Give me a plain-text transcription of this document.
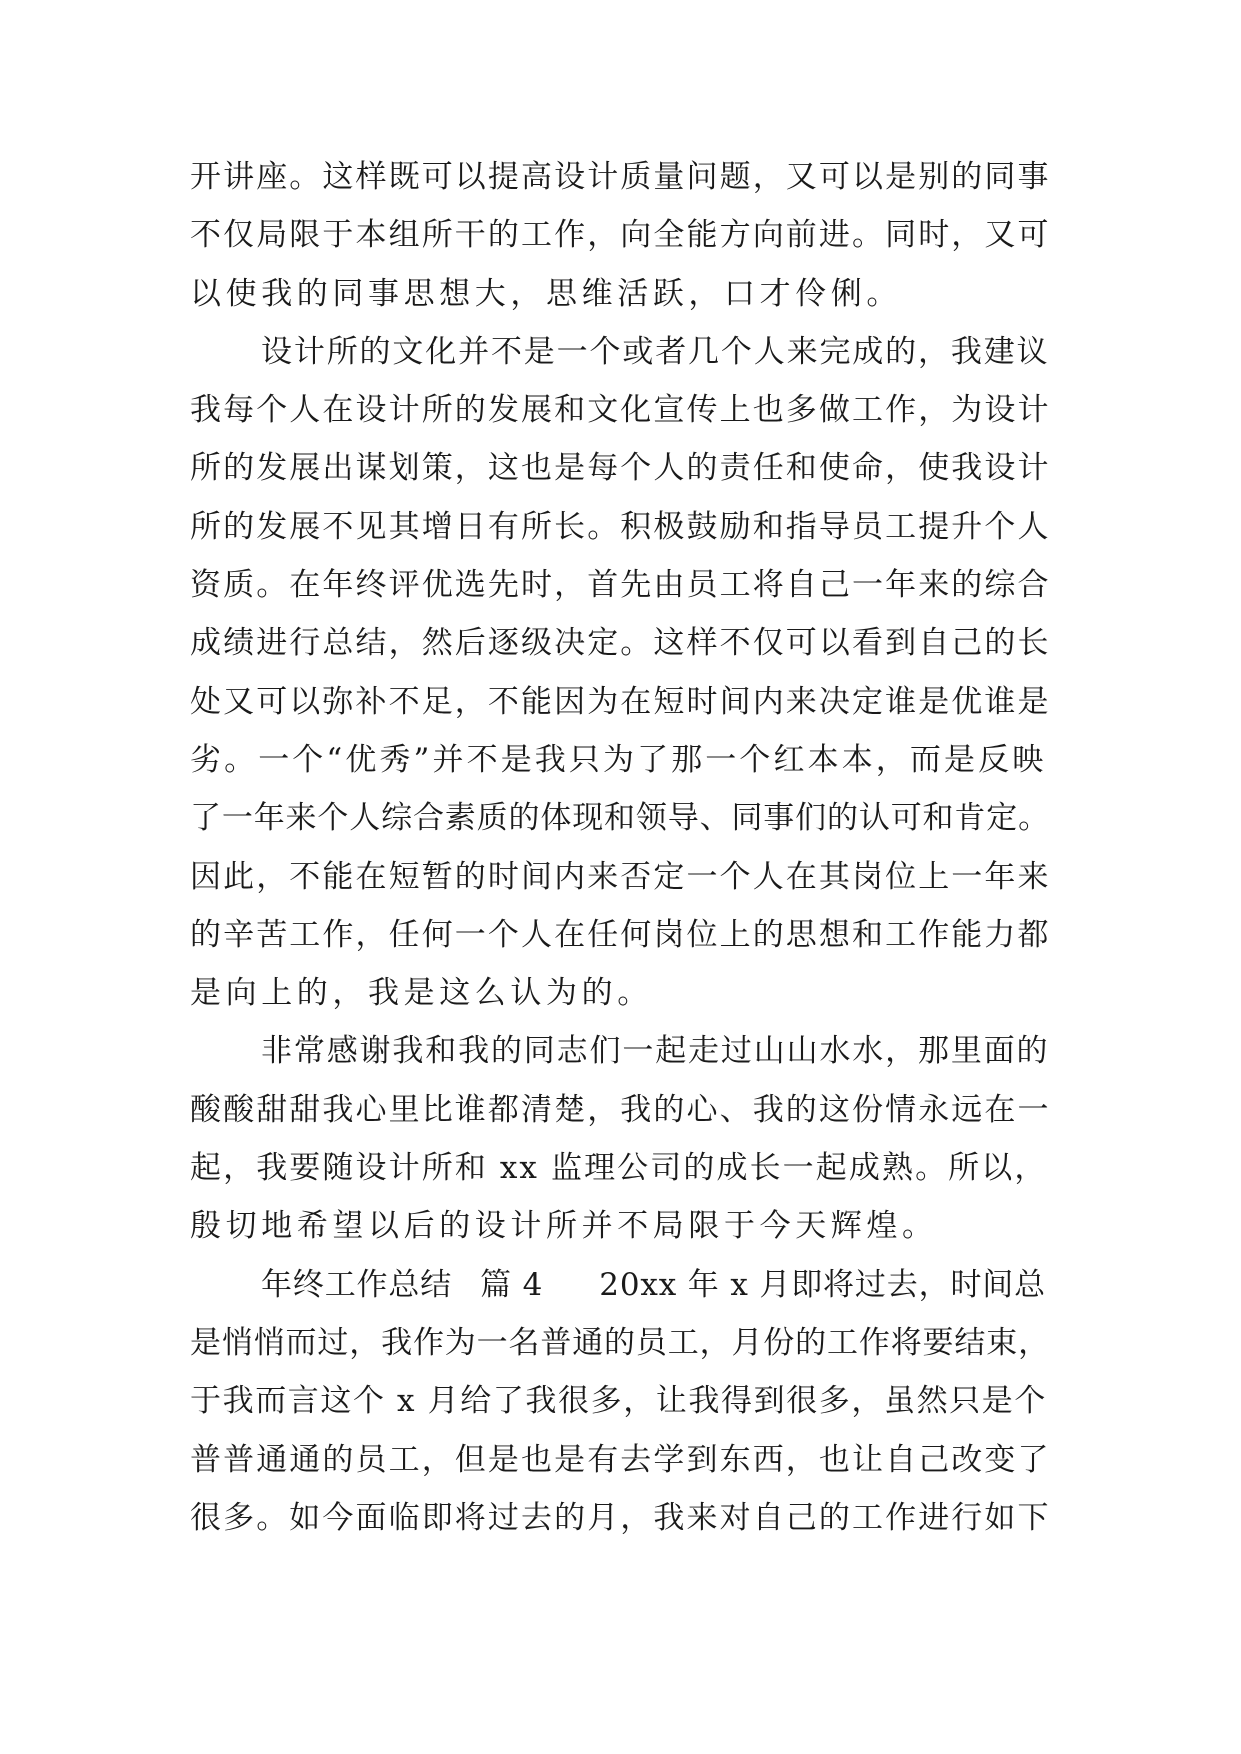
开讲座。这样既可以提高设计质量问题，又可以是别的同事
不仅局限于本组所干的工作，向全能方向前进。同时，又可
以使我的同事思想大，思维活跃，口才伶俐。

设计所的文化并不是一个或者几个人来完成的，我建议
我每个人在设计所的发展和文化宣传上也多做工作，为设计
所的发展出谋划策，这也是每个人的责任和使命，使我设计
所的发展不见其增日有所长。积极鼓励和指导员工提升个人
资质。在年终评优选先时，首先由员工将自己一年来的综合
成绩进行总结，然后逐级决定。这样不仅可以看到自己的长
处又可以弥补不足，不能因为在短时间内来决定谁是优谁是
劣。一个“优秀”并不是我只为了那一个红本本，而是反映
了一年来个人综合素质的体现和领导、同事们的认可和肯定。
因此，不能在短暂的时间内来否定一个人在其岗位上一年来
的辛苦工作，任何一个人在任何岗位上的思想和工作能力都
是向上的，我是这么认为的。

非常感谢我和我的同志们一起走过山山水水，那里面的
酸酸甜甜我心里比谁都清楚，我的心、我的这份情永远在一
起，我要随设计所和 xx 监理公司的成长一起成熟。所以，
殷切地希望以后的设计所并不局限于今天辉煌。

年终工作总结 篇 4 20xx 年 x 月即将过去，时间总
是悄悄而过，我作为一名普通的员工，月份的工作将要结束，
于我而言这个 x 月给了我很多，让我得到很多，虽然只是个
普普通通的员工，但是也是有去学到东西，也让自己改变了
很多。如今面临即将过去的月，我来对自己的工作进行如下
